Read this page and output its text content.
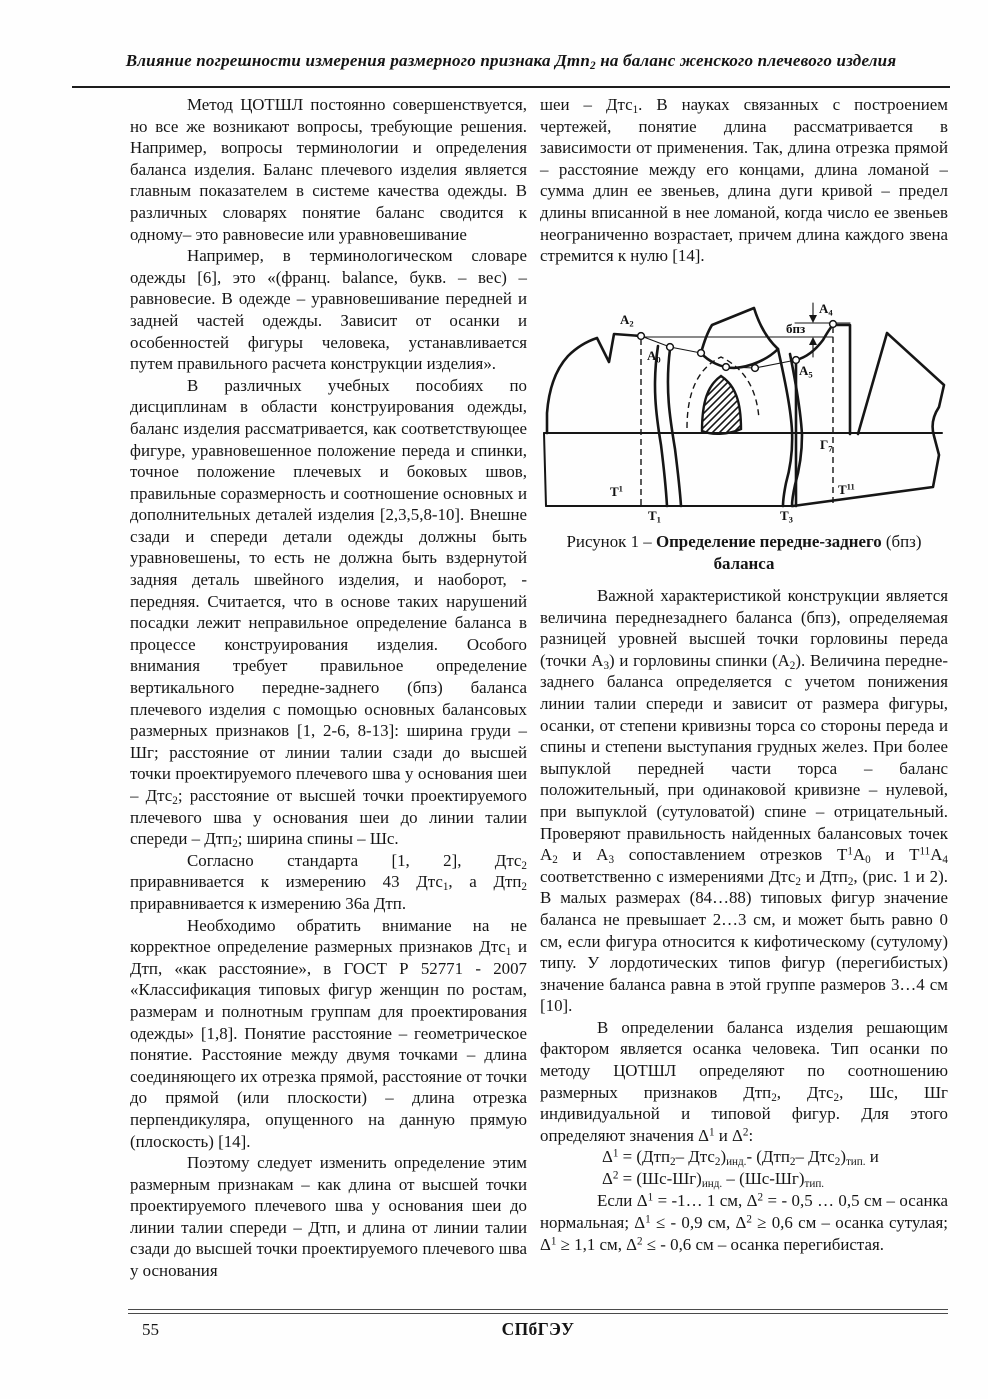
Влияние погрешности измерения размерного признака Дтп$_2$ на баланс женского плечевого изделия

Метод ЦОТШЛ постоянно совершенствуется, но все же возникают вопросы, требующие решения. Например, вопросы терминологии и определения баланса изделия. Баланс плечевого изделия является главным показателем в системе качества одежды. В различных словарях понятие баланс сводится к одному– это равновесие или уравновешивание

Например, в терминологическом словаре одежды [6], это «(франц. balance, букв. – вес) – равновесие. В одежде – уравновешивание передней и задней частей одежды. Зависит от осанки и особенностей фигуры человека, устанавливается путем правильного расчета конструкции изделия».

В различных учебных пособиях по дисциплинам в области конструирования одежды, баланс изделия рассматривается, как соответствующее фигуре, уравновешенное положение переда и спинки, точное положение плечевых и боковых швов, правильные соразмерность и соотношение основных и дополнительных деталей изделия [2,3,5,8-10]. Внешне сзади и спереди детали одежды должны быть уравновешены, то есть не должна быть вздернутой задняя деталь швейного изделия, и наоборот, - передняя. Считается, что в основе таких нарушений посадки лежит неправильное определение баланса в процессе конструирования изделия. Особого внимания требует правильное определение вертикального передне-заднего (бпз) баланса плечевого изделия с помощью основных балансовых размерных признаков [1, 2-6, 8-13]: ширина груди – Шг; расстояние от линии талии сзади до высшей точки проектируемого плечевого шва у основания шеи – Дтс$_2$; расстояние от высшей точки проектируемого плечевого шва у основания шеи до линии талии спереди – Дтп$_2$; ширина спины – Шс.

Согласно стандарта [1, 2], Дтс$_2$ приравнивается к измерению 43 Дтс$_1$, а Дтп$_2$ приравнивается к измерению 36а Дтп.

Необходимо обратить внимание на не корректное определение размерных признаков Дтс$_1$ и Дтп, «как расстояние», в ГОСТ Р 52771 - 2007 «Классификация типовых фигур женщин по ростам, размерам и полнотным группам для проектирования одежды» [1,8]. Понятие расстояние – геометрическое понятие. Расстояние между двумя точками – длина соединяющего их отрезка прямой, расстояние от точки до прямой (или плоскости) – длина отрезка перпендикуляра, опущенного на данную прямую (плоскость) [14].

Поэтому следует изменить определение этим размерным признакам – как длина от высшей точки проектируемого плечевого шва у основания шеи до линии талии спереди – Дтп, и длина от линии талии сзади до высшей точки проектируемого плечевого шва у основания

шеи – Дтс$_1$. В науках связанных с построением чертежей, понятие длина рассматривается в зависимости от применения. Так, длина отрезка прямой – расстояние между его концами, длина ломаной – сумма длин ее звеньев, длина дуги кривой – предел длины вписанной в нее ломаной, когда число ее звеньев неограниченно возрастает, причем длина каждого звена стремится к нулю [14].

$А_2$
$А_0$
$А_4$
$А_5$
бпз
$Г_7$
$Т^1$
$Т_1$	$Т_3$
$Т^{11}$
Рисунок 1 – Определение передне-заднего (бпз)
баланса

Важной характеристикой конструкции является величина переднезаднего баланса (бпз), определяемая разницей уровней высшей точки горловины переда (точки $А_3$) и горловины спинки $(А_2)$. Величина передне-заднего баланса определяется с учетом понижения линии талии спереди и зависит от размера фигуры, осанки, от степени кривизны торса со стороны переда и спины и степени выступания грудных желез. При более выпуклой передней части торса – баланс положительный, при одинаковой кривизне – нулевой, при выпуклой (сутуловатой) спине – отрицательный. Проверяют правильность найденных балансовых точек $А_2$ и $А_3$ сопоставлением отрезков $Т^1А_0$ и $Т^{11}А_4$ соответственно с измерениями Дтс$_2$ и Дтп$_2$, (рис. 1 и 2). В малых размерах (84…88) типовых фигур значение баланса не превышает 2…3 см, и может быть равно 0 см, если фигура относится к кифотическому (сутулому) типу. У лордотических типов фигур (перегибистых) значение баланса равна в этой группе размеров 3…4 см [10].

В определении баланса изделия решающим фактором является осанка человека. Тип осанки по методу ЦОТШЛ определяют по соотношению размерных признаков Дтп$_2$, Дтс$_2$, Шс, Шг индивидуальной и типовой фигур. Для этого определяют значения $\Delta^1$ и $\Delta^2$:

$\Delta^1 = (Дтп_2-$ $Дтс_2)_{инд.}-$ (Дтп$_2$– $Дтс_2)_{тип.}$ и
$\Delta^2 = (Шс-Шг)_{инд.} - (Шс-Шг)_{тип.}$

Если $\Delta^1$ = -1… 1 см, $\Delta^2$ = - 0,5 … 0,5 см – осанка нормальная; $\Delta^1$ ≤ - 0,9 см, $\Delta^2 \ge 0,6$ см – осанка сутулая; $\Delta^1 \ge 1,1$ см, $\Delta^2$ ≤ - 0,6 см – осанка перегибистая.

55	СПбГЭУ
